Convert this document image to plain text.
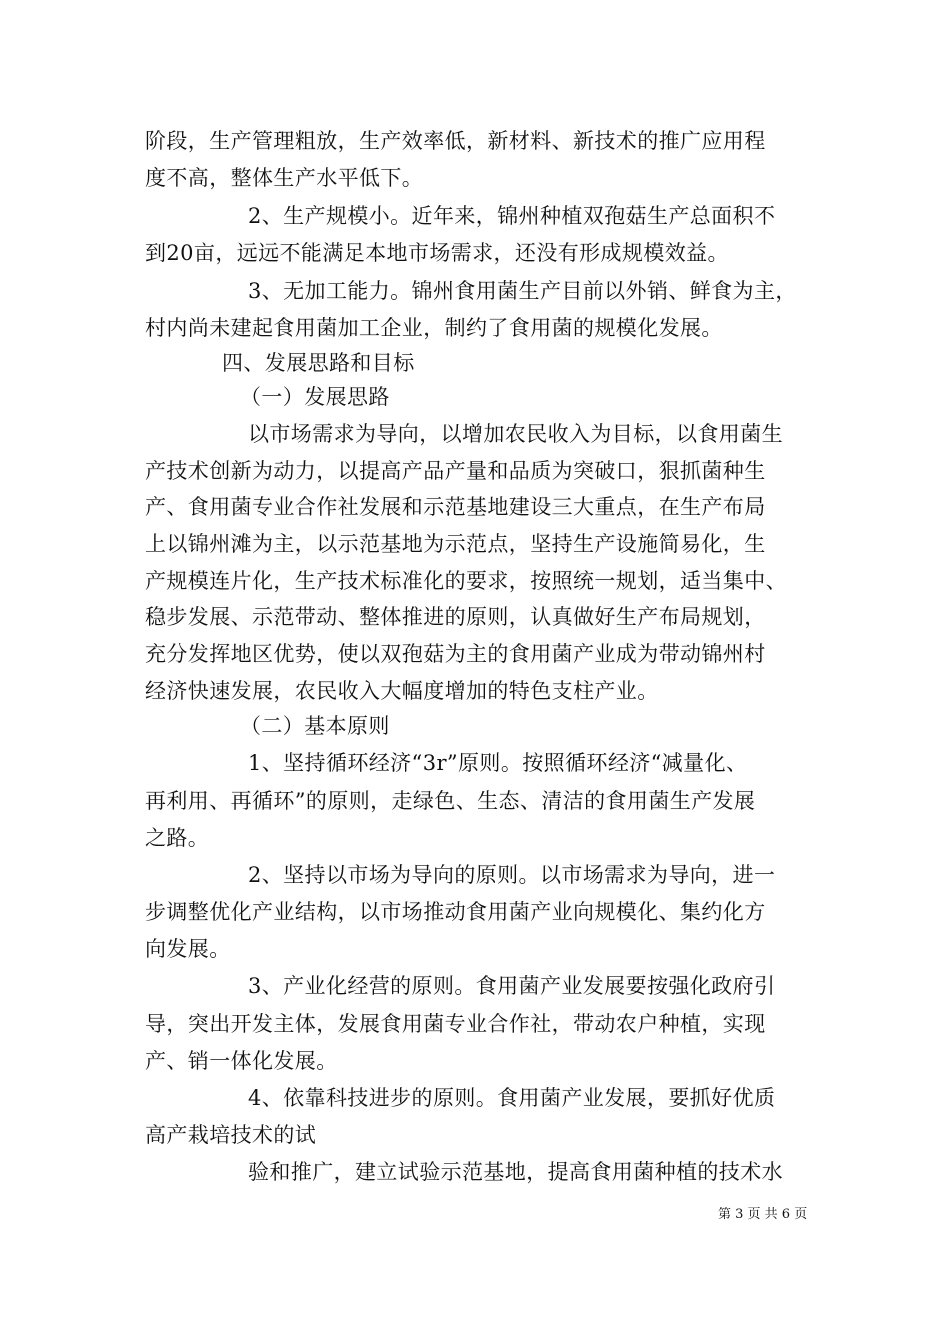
阶段，生产管理粗放，生产效率低，新材料、新技术的推广应用程
度不高，整体生产水平低下。
2、生产规模小。近年来，锦州种植双孢菇生产总面积不
到20亩，远远不能满足本地市场需求，还没有形成规模效益。
3、无加工能力。锦州食用菌生产目前以外销、鲜食为主，
村内尚未建起食用菌加工企业，制约了食用菌的规模化发展。
四、发展思路和目标
（一）发展思路
以市场需求为导向，以增加农民收入为目标，以食用菌生
产技术创新为动力，以提高产品产量和品质为突破口，狠抓菌种生
产、食用菌专业合作社发展和示范基地建设三大重点，在生产布局
上以锦州滩为主，以示范基地为示范点，坚持生产设施简易化，生
产规模连片化，生产技术标准化的要求，按照统一规划，适当集中、
稳步发展、示范带动、整体推进的原则，认真做好生产布局规划，
充分发挥地区优势，使以双孢菇为主的食用菌产业成为带动锦州村
经济快速发展，农民收入大幅度增加的特色支柱产业。
（二）基本原则
1、坚持循环经济“3r”原则。按照循环经济“减量化、
再利用、再循环”的原则，走绿色、生态、清洁的食用菌生产发展
之路。
2、坚持以市场为导向的原则。以市场需求为导向，进一
步调整优化产业结构，以市场推动食用菌产业向规模化、集约化方
向发展。
3、产业化经营的原则。食用菌产业发展要按强化政府引
导，突出开发主体，发展食用菌专业合作社，带动农户种植，实现
产、销一体化发展。
4、依靠科技进步的原则。食用菌产业发展，要抓好优质
高产栽培技术的试
验和推广，建立试验示范基地，提高食用菌种植的技术水
第 3 页 共 6 页
